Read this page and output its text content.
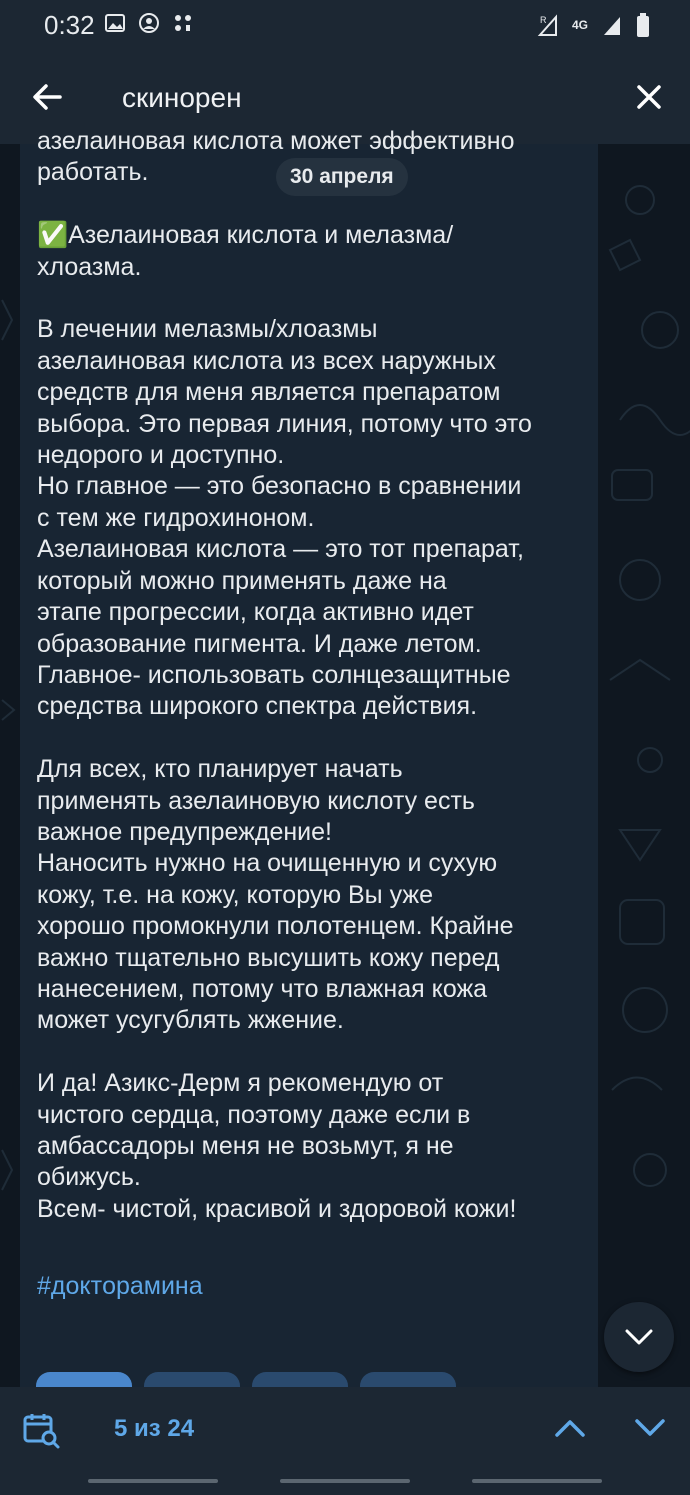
0:32	R 4G
скинорен
азелаиновая кислота может эффективно
работать.

✅Азелаиновая кислота и мелазма/
хлоазма.

В лечении мелазмы/хлоазмы
азелаиновая кислота из всех наружных
средств для меня является препаратом
выбора. Это первая линия, потому что это
недорого и доступно.
Но главное — это безопасно в сравнении
с тем же гидрохиноном.
Азелаиновая кислота — это тот препарат,
который можно применять даже на
этапе прогрессии, когда активно идет
образование пигмента. И даже летом.
Главное- использовать солнцезащитные
средства широкого спектра действия.

Для всех, кто планирует начать
применять азелаиновую кислоту есть
важное предупреждение!
Наносить нужно на очищенную и сухую
кожу, т.е. на кожу, которую Вы уже
хорошо промокнули полотенцем. Крайне
важно тщательно высушить кожу перед
нанесением, потому что влажная кожа
может усугублять жжение.

И да! Азикс-Дерм я рекомендую от
чистого сердца, поэтому даже если в
амбассадоры меня не возьмут, я не
обижусь.
Всем- чистой, красивой и здоровой кожи!
#доктoрамина
30 апреля
5 из 24
